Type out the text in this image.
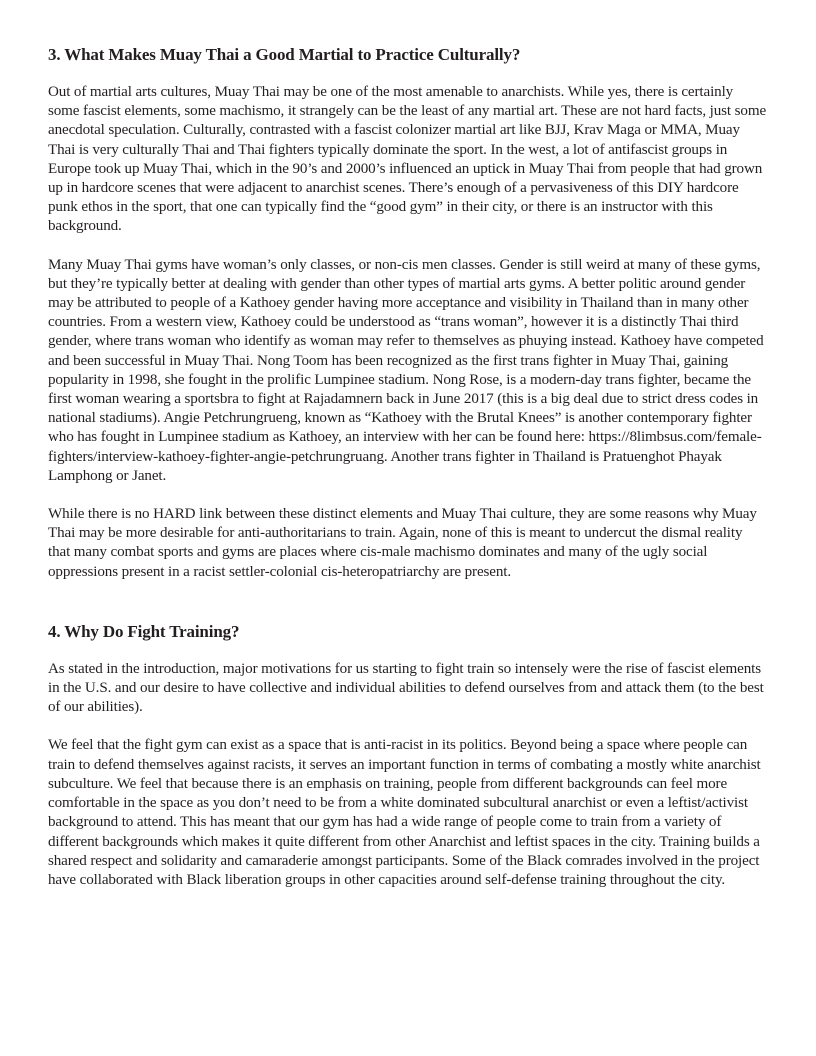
3. What Makes Muay Thai a Good Martial to Practice Culturally?

Out of martial arts cultures, Muay Thai may be one of the most amenable to anarchists. While yes, there is certainly some fascist elements, some machismo, it strangely can be the least of any martial art. These are not hard facts, just some anecdotal speculation. Culturally, contrasted with a fascist colonizer martial art like BJJ, Krav Maga or MMA, Muay Thai is very culturally Thai and Thai fighters typically dominate the sport. In the west, a lot of antifascist groups in Europe took up Muay Thai, which in the 90’s and 2000’s influenced an uptick in Muay Thai from people that had grown up in hardcore scenes that were adjacent to anarchist scenes. There’s enough of a pervasiveness of this DIY hardcore punk ethos in the sport, that one can typically find the “good gym” in their city, or there is an instructor with this background.

Many Muay Thai gyms have woman’s only classes, or non-cis men classes. Gender is still weird at many of these gyms, but they’re typically better at dealing with gender than other types of martial arts gyms. A better politic around gender may be attributed to people of a Kathoey gender having more acceptance and visibility in Thailand than in many other countries. From a western view, Kathoey could be understood as “trans woman”, however it is a distinctly Thai third gender, where trans woman who identify as woman may refer to themselves as phuying instead. Kathoey have competed and been successful in Muay Thai. Nong Toom has been recognized as the first trans fighter in Muay Thai, gaining popularity in 1998, she fought in the prolific Lumpinee stadium. Nong Rose, is a modern-day trans fighter, became the first woman wearing a sportsbra to fight at Rajadamnern back in June 2017 (this is a big deal due to strict dress codes in national stadiums). Angie Petchrungrueng, known as “Kathoey with the Brutal Knees” is another contemporary fighter who has fought in Lumpinee stadium as Kathoey, an interview with her can be found here: https://8limbsus.com/female-fighters/interview-kathoey-fighter-angie-petchrungruang. Another trans fighter in Thailand is Pratuenghot Phayak Lamphong or Janet.

While there is no HARD link between these distinct elements and Muay Thai culture, they are some reasons why Muay Thai may be more desirable for anti-authoritarians to train. Again, none of this is meant to undercut the dismal reality that many combat sports and gyms are places where cis-male machismo dominates and many of the ugly social oppressions present in a racist settler-colonial cis-heteropatriarchy are present.

4. Why Do Fight Training?

As stated in the introduction, major motivations for us starting to fight train so intensely were the rise of fascist elements in the U.S. and our desire to have collective and individual abilities to defend ourselves from and attack them (to the best of our abilities).

We feel that the fight gym can exist as a space that is anti-racist in its politics. Beyond being a space where people can train to defend themselves against racists, it serves an important function in terms of combating a mostly white anarchist subculture. We feel that because there is an emphasis on training, people from different backgrounds can feel more comfortable in the space as you don’t need to be from a white dominated subcultural anarchist or even a leftist/activist background to attend. This has meant that our gym has had a wide range of people come to train from a variety of different backgrounds which makes it quite different from other Anarchist and leftist spaces in the city. Training builds a shared respect and solidarity and camaraderie amongst participants. Some of the Black comrades involved in the project have collaborated with Black liberation groups in other capacities around self-defense training throughout the city.
